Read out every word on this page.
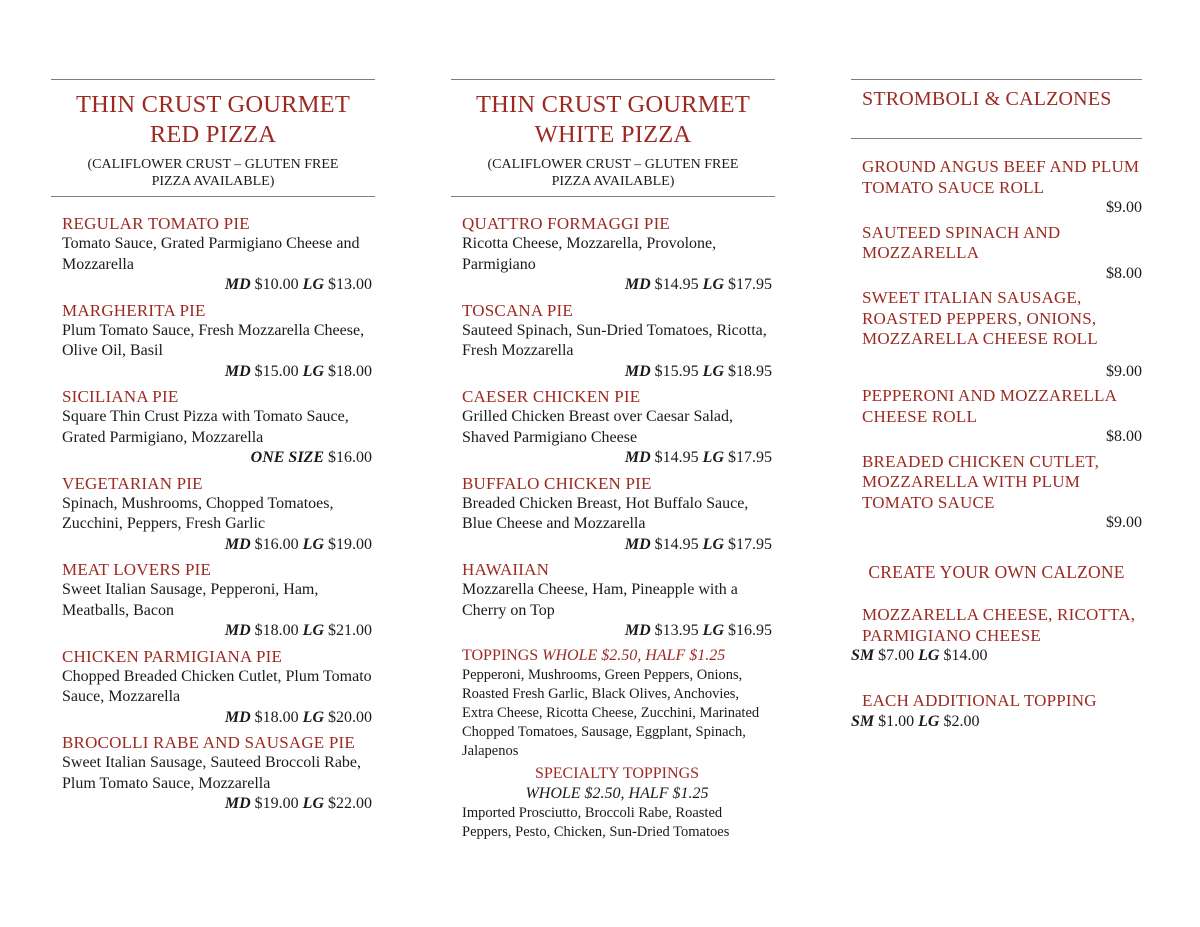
THIN CRUST GOURMET
RED PIZZA
(CALIFLOWER CRUST – GLUTEN FREE
PIZZA AVAILABLE)
REGULAR TOMATO PIE
Tomato Sauce, Grated Parmigiano Cheese and Mozzarella
MD $10.00 LG $13.00
MARGHERITA PIE
Plum Tomato Sauce, Fresh Mozzarella Cheese, Olive Oil, Basil
MD $15.00 LG $18.00
SICILIANA PIE
Square Thin Crust Pizza with Tomato Sauce, Grated Parmigiano, Mozzarella
ONE SIZE $16.00
VEGETARIAN PIE
Spinach, Mushrooms, Chopped Tomatoes, Zucchini, Peppers, Fresh Garlic
MD $16.00 LG $19.00
MEAT LOVERS PIE
Sweet Italian Sausage, Pepperoni, Ham, Meatballs, Bacon
MD $18.00 LG $21.00
CHICKEN PARMIGIANA PIE
Chopped Breaded Chicken Cutlet, Plum Tomato Sauce, Mozzarella
MD $18.00 LG $20.00
BROCOLLI RABE AND SAUSAGE PIE
Sweet Italian Sausage, Sauteed Broccoli Rabe, Plum Tomato Sauce, Mozzarella
MD $19.00 LG $22.00
THIN CRUST GOURMET
WHITE PIZZA
(CALIFLOWER CRUST – GLUTEN FREE
PIZZA AVAILABLE)
QUATTRO FORMAGGI PIE
Ricotta Cheese, Mozzarella, Provolone, Parmigiano
MD $14.95 LG $17.95
TOSCANA PIE
Sauteed Spinach, Sun-Dried Tomatoes, Ricotta, Fresh Mozzarella
MD $15.95 LG $18.95
CAESER CHICKEN PIE
Grilled Chicken Breast over Caesar Salad, Shaved Parmigiano Cheese
MD $14.95 LG $17.95
BUFFALO CHICKEN PIE
Breaded Chicken Breast, Hot Buffalo Sauce, Blue Cheese and Mozzarella
MD $14.95 LG $17.95
HAWAIIAN
Mozzarella Cheese, Ham, Pineapple with a Cherry on Top
MD $13.95 LG $16.95
TOPPINGS WHOLE $2.50, HALF $1.25
Pepperoni, Mushrooms, Green Peppers, Onions, Roasted Fresh Garlic, Black Olives, Anchovies, Extra Cheese, Ricotta Cheese, Zucchini, Marinated Chopped Tomatoes, Sausage, Eggplant, Spinach, Jalapenos
SPECIALTY TOPPINGS
WHOLE $2.50, HALF $1.25
Imported Prosciutto, Broccoli Rabe, Roasted Peppers, Pesto, Chicken, Sun-Dried Tomatoes
STROMBOLI & CALZONES
GROUND ANGUS BEEF AND PLUM TOMATO SAUCE ROLL
$9.00
SAUTEED SPINACH AND MOZZARELLA
$8.00
SWEET ITALIAN SAUSAGE, ROASTED PEPPERS, ONIONS, MOZZARELLA CHEESE ROLL
$9.00
PEPPERONI AND MOZZARELLA CHEESE ROLL
$8.00
BREADED CHICKEN CUTLET, MOZZARELLA WITH PLUM TOMATO SAUCE
$9.00
CREATE YOUR OWN CALZONE
MOZZARELLA CHEESE, RICOTTA, PARMIGIANO CHEESE
SM $7.00 LG $14.00
EACH ADDITIONAL TOPPING
SM $1.00 LG $2.00
